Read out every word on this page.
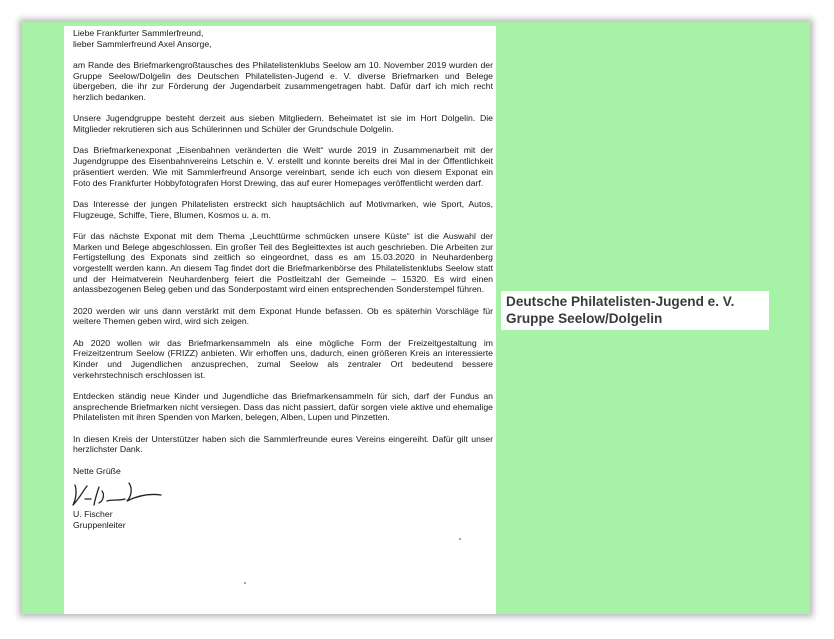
Liebe Frankfurter Sammlerfreund,

lieber Sammlerfreund Axel Ansorge,

am Rande des Briefmarkengroßtausches des Philatelistenklubs Seelow am 10. November 2019 wurden der Gruppe Seelow/Dolgelin des Deutschen Philatelisten-Jugend e. V. diverse Briefmarken und Belege übergeben, die ihr zur Förderung der Jugendarbeit zusammengetragen habt. Dafür darf ich mich recht herzlich bedanken.

Unsere Jugendgruppe besteht derzeit aus sieben Mitgliedern. Beheimatet ist sie im Hort Dolgelin. Die Mitglieder rekrutieren sich aus Schülerinnen und Schüler der Grundschule Dolgelin.

Das Briefmarkenexponat „Eisenbahnen veränderten die Welt“ wurde 2019 in Zusammenarbeit mit der Jugendgruppe des Eisenbahnvereins Letschin e. V. erstellt und konnte bereits drei Mal in der Öffentlichkeit präsentiert werden. Wie mit Sammlerfreund Ansorge vereinbart, sende ich euch von diesem Exponat ein Foto des Frankfurter Hobbyfotografen Horst Drewing, das auf eurer Homepages veröffentlicht werden darf.

Das Interesse der jungen Philatelisten erstreckt sich hauptsächlich auf Motivmarken, wie Sport, Autos, Flugzeuge, Schiffe, Tiere, Blumen, Kosmos u. a. m.

Für das nächste Exponat mit dem Thema „Leuchttürme schmücken unsere Küste“ ist die Auswahl der Marken und Belege abgeschlossen. Ein großer Teil des Begleittextes ist auch geschrieben. Die Arbeiten zur Fertigstellung des Exponats sind zeitlich so eingeordnet, dass es am 15.03.2020 in Neuhardenberg vorgestellt werden kann. An diesem Tag findet dort die Briefmarkenbörse des Philatelistenklubs Seelow statt und der Heimatverein Neuhardenberg feiert die Postleitzahl der Gemeinde – 15320. Es wird einen anlassbezogenen Beleg geben und das Sonderpostamt wird einen entsprechenden Sonderstempel führen.

2020 werden wir uns dann verstärkt mit dem Exponat Hunde befassen. Ob es späterhin Vorschläge für weitere Themen geben wird, wird sich zeigen.

Ab 2020 wollen wir das Briefmarkensammeln als eine mögliche Form der Freizeitgestaltung im Freizeitzentrum Seelow (FRIZZ) anbieten. Wir erhoffen uns, dadurch, einen größeren Kreis an interessierte Kinder und Jugendlichen anzusprechen, zumal Seelow als zentraler Ort bedeutend bessere verkehrstechnisch erschlossen ist.

Entdecken ständig neue Kinder und Jugendliche das Briefmarkensammeln für sich, darf der Fundus an ansprechende Briefmarken nicht versiegen. Dass das nicht passiert, dafür sorgen viele aktive und ehemalige Philatelisten mit ihren Spenden von Marken, belegen, Alben, Lupen und Pinzetten.

In diesen Kreis der Unterstützer haben sich die Sammlerfreunde eures Vereins eingereiht. Dafür gilt unser herzlichster Dank.

Nette Grüße

U. Fischer
Gruppenleiter
Deutsche Philatelisten-Jugend e. V.
Gruppe Seelow/Dolgelin
